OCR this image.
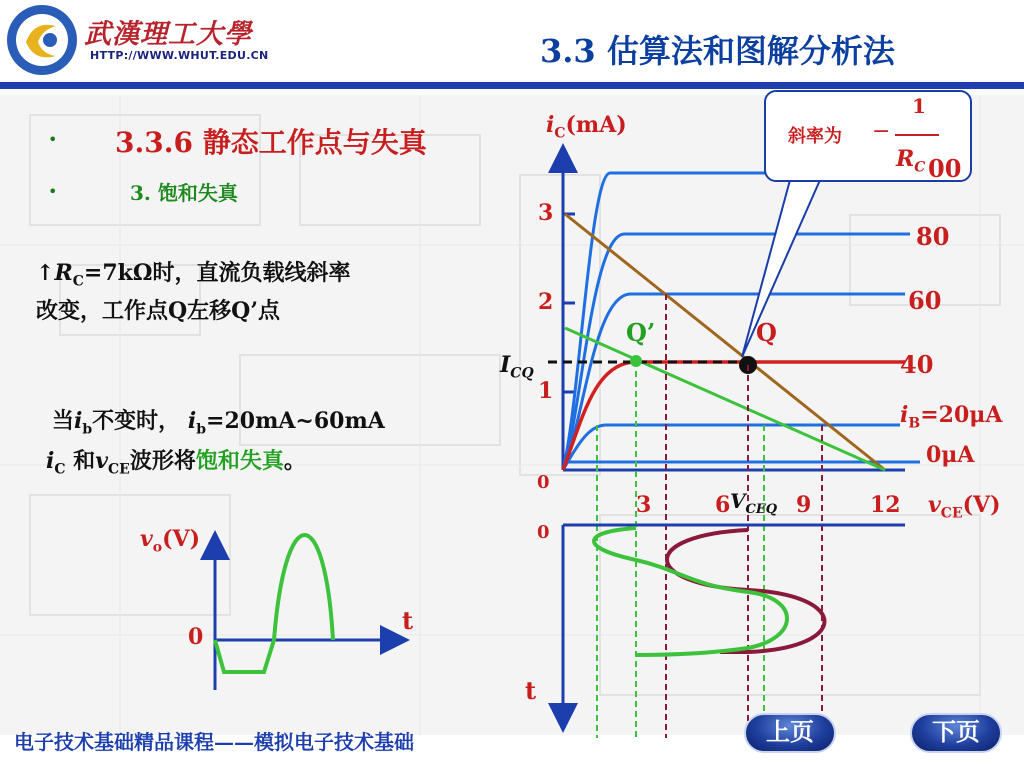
武漢理工大學
HTTP://WWW.WHUT.EDU.CN	3.3 估算法和图解分析法
• 3.3.6 静态工作点与失真
•	3. 饱和失真
$↑R_C=7k\Omega$时，直流负载线斜率
改变，工作点Q左移Q’点
当$i_b$不变时， $i_b=20mA\sim 60mA$
$i_C$ 和$v_{CE}$波形将饱和失真。
斜率为 −
1
$R_C$
$i_C(mA)$
3
2
1
0
$I_{CQ}$
Q
Q’
00
80
60
40
$i_B=20\mu A$
0μA
3	6	9	12
$V_{CEQ}$	$v_{CE}(V)$
0
t
$v_o(V)$
0
t
电子技术基础精品课程——模拟电子技术基础	上页	下页
